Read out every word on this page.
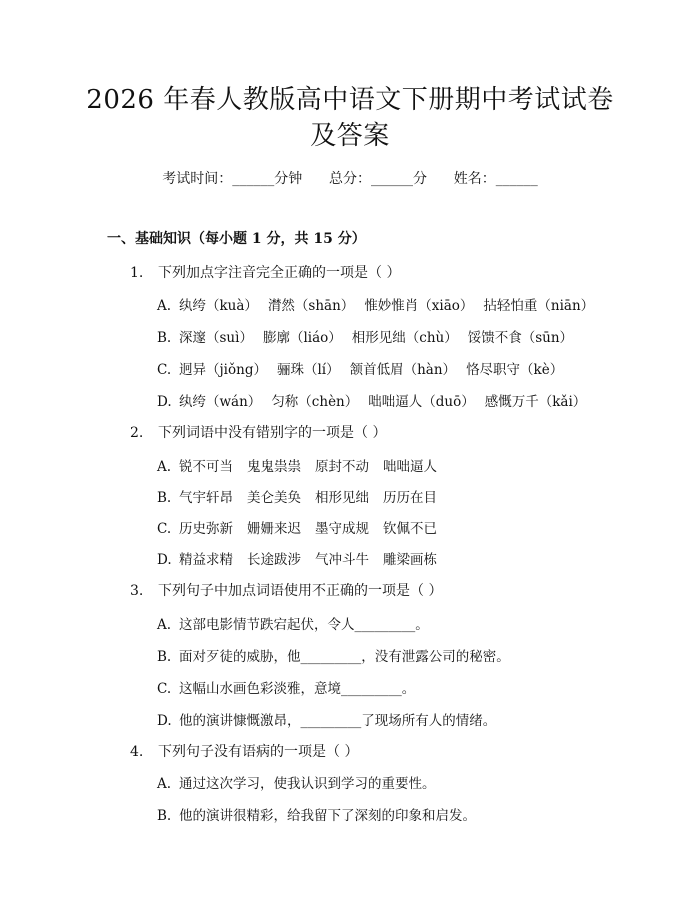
2026 年春人教版高中语文下册期中考试试卷
及答案
考试时间：______分钟 总分：______分 姓名：______
一、基础知识（每小题 1 分，共 15 分）
1. 下列加点字注音完全正确的一项是（ ）
A. 纨绔（kuà） 潸然（shān） 惟妙惟肖（xiāo） 拈轻怕重（niān）
B. 深邃（suì） 膨廓（liáo） 相形见绌（chù） 馁馈不食（sūn）
C. 迥异（jiǒng） 骊珠（lí） 颔首低眉（hàn） 恪尽职守（kè）
D. 纨绔（wán） 匀称（chèn） 咄咄逼人（duō） 感慨万千（kǎi）
2. 下列词语中没有错别字的一项是（ ）
A. 锐不可当 鬼鬼祟祟 原封不动 咄咄逼人
B. 气宇轩昂 美仑美奂 相形见绌 历历在目
C. 历史弥新 姗姗来迟 墨守成规 钦佩不已
D. 精益求精 长途跋涉 气冲斗牛 雕梁画栋
3. 下列句子中加点词语使用不正确的一项是（ ）
A. 这部电影情节跌宕起伏，令人_________。
B. 面对歹徒的威胁，他_________，没有泄露公司的秘密。
C. 这幅山水画色彩淡雅，意境_________。
D. 他的演讲慷慨激昂，_________了现场所有人的情绪。
4. 下列句子没有语病的一项是（ ）
A. 通过这次学习，使我认识到学习的重要性。
B. 他的演讲很精彩，给我留下了深刻的印象和启发。
